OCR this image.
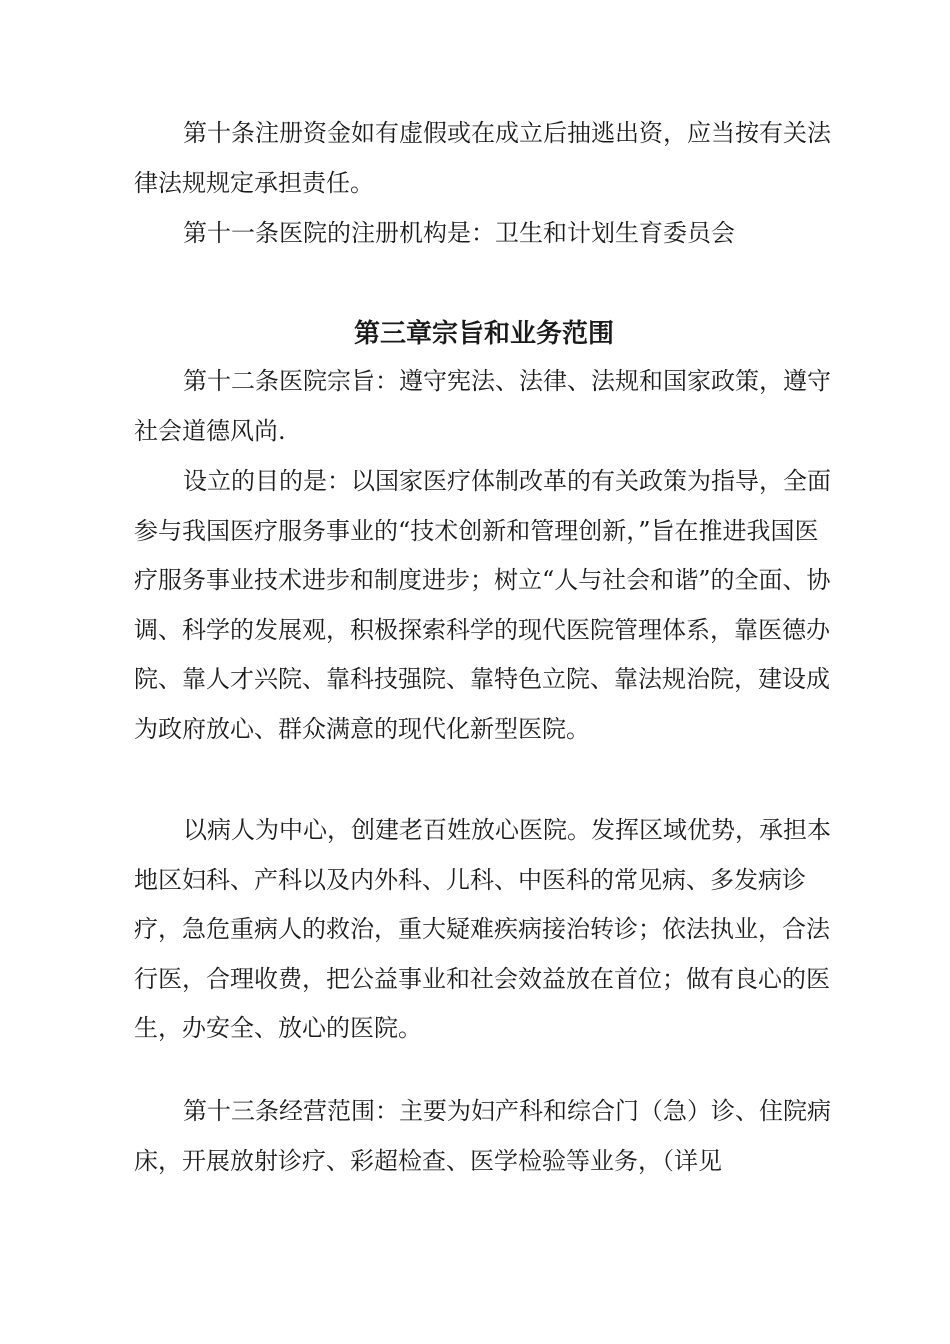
第十条注册资金如有虚假或在成立后抽逃出资，应当按有关法律法规规定承担责任。

第十一条医院的注册机构是：卫生和计划生育委员会

第三章宗旨和业务范围

第十二条医院宗旨：遵守宪法、法律、法规和国家政策，遵守社会道德风尚.

设立的目的是：以国家医疗体制改革的有关政策为指导，全面参与我国医疗服务事业的“技术创新和管理创新，”旨在推进我国医疗服务事业技术进步和制度进步；树立“人与社会和谐”的全面、协调、科学的发展观，积极探索科学的现代医院管理体系，靠医德办院、靠人才兴院、靠科技强院、靠特色立院、靠法规治院，建设成为政府放心、群众满意的现代化新型医院。

以病人为中心，创建老百姓放心医院。发挥区域优势，承担本地区妇科、产科以及内外科、儿科、中医科的常见病、多发病诊疗，急危重病人的救治，重大疑难疾病接治转诊；依法执业，合法行医，合理收费，把公益事业和社会效益放在首位；做有良心的医生，办安全、放心的医院。

第十三条经营范围：主要为妇产科和综合门（急）诊、住院病床，开展放射诊疗、彩超检查、医学检验等业务，（详见
